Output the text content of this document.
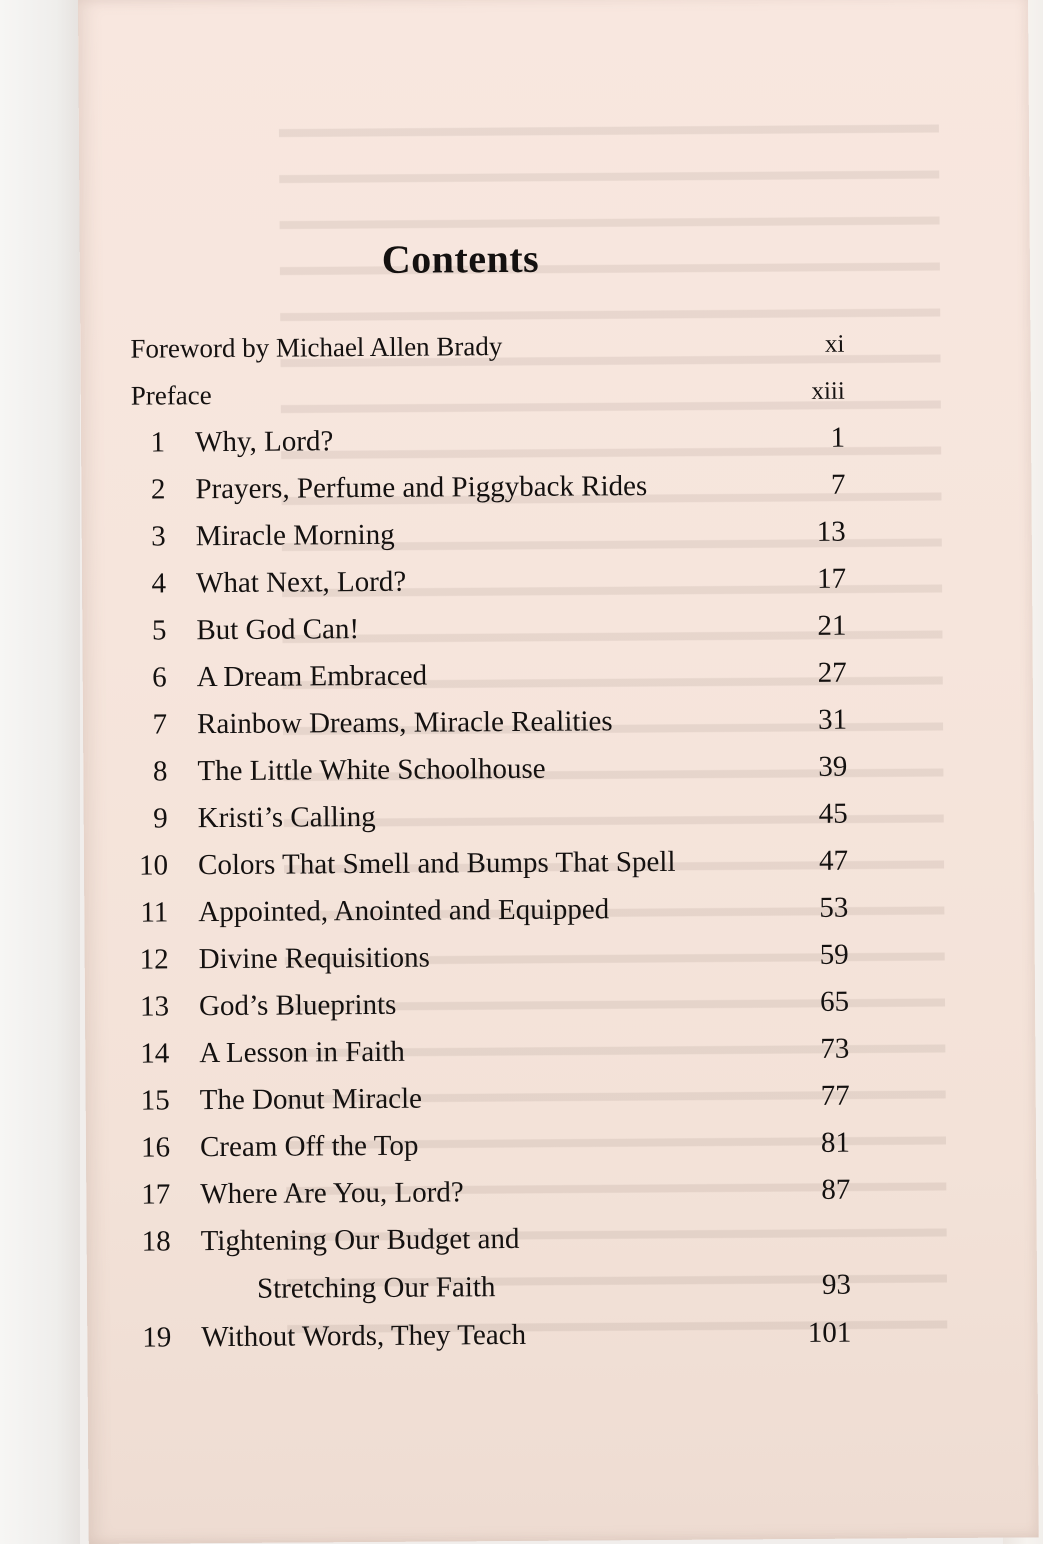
Contents
Foreword by Michael Allen Brady	xi
Preface	xiii
1 Why, Lord?	1
2 Prayers, Perfume and Piggyback Rides	7
3 Miracle Morning	13
4 What Next, Lord?	17
5 But God Can!	21
6 A Dream Embraced	27
7 Rainbow Dreams, Miracle Realities	31
8 The Little White Schoolhouse	39
9 Kristi’s Calling	45
10 Colors That Smell and Bumps That Spell	47
11 Appointed, Anointed and Equipped	53
12 Divine Requisitions	59
13 God’s Blueprints	65
14 A Lesson in Faith	73
15 The Donut Miracle	77
16 Cream Off the Top	81
17 Where Are You, Lord?	87
18 Tightening Our Budget and
Stretching Our Faith	93
19 Without Words, They Teach	101
